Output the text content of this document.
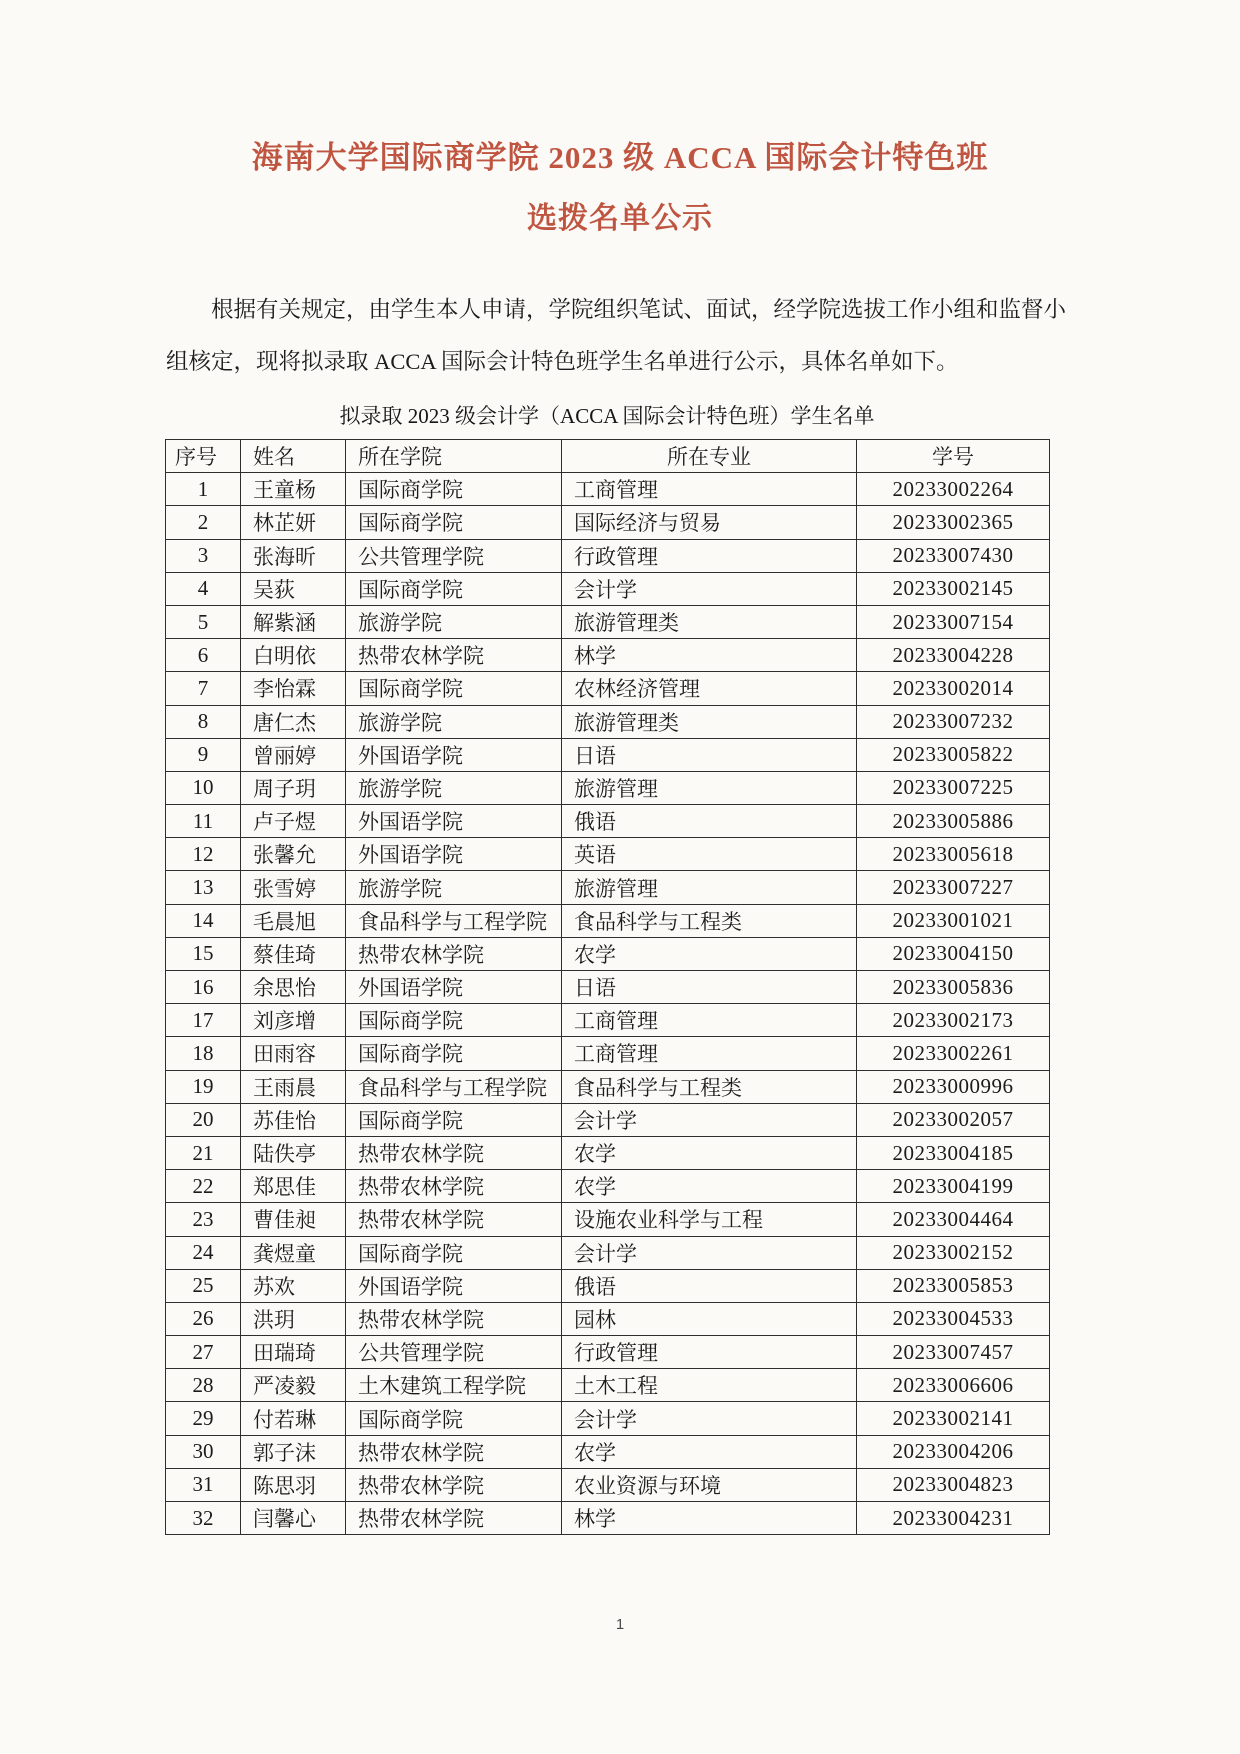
海南大学国际商学院 2023 级 ACCA 国际会计特色班
选拨名单公示

根据有关规定，由学生本人申请，学院组织笔试、面试，经学院选拔工作小组和监督小组核定，现将拟录取 ACCA 国际会计特色班学生名单进行公示，具体名单如下。

拟录取 2023 级会计学（ACCA 国际会计特色班）学生名单
序号	姓名	所在学院	所在专业	学号
1	王童杨	国际商学院	工商管理	20233002264
2	林芷妍	国际商学院	国际经济与贸易	20233002365
3	张海昕	公共管理学院	行政管理	20233007430
4	吴荻	国际商学院	会计学	20233002145
5	解紫涵	旅游学院	旅游管理类	20233007154
6	白明依	热带农林学院	林学	20233004228
7	李怡霖	国际商学院	农林经济管理	20233002014
8	唐仁杰	旅游学院	旅游管理类	20233007232
9	曾丽婷	外国语学院	日语	20233005822
10	周子玥	旅游学院	旅游管理	20233007225
11	卢子煜	外国语学院	俄语	20233005886
12	张馨允	外国语学院	英语	20233005618
13	张雪婷	旅游学院	旅游管理	20233007227
14	毛晨旭	食品科学与工程学院	食品科学与工程类	20233001021
15	蔡佳琦	热带农林学院	农学	20233004150
16	余思怡	外国语学院	日语	20233005836
17	刘彦增	国际商学院	工商管理	20233002173
18	田雨容	国际商学院	工商管理	20233002261
19	王雨晨	食品科学与工程学院	食品科学与工程类	20233000996
20	苏佳怡	国际商学院	会计学	20233002057
21	陆佚亭	热带农林学院	农学	20233004185
22	郑思佳	热带农林学院	农学	20233004199
23	曹佳昶	热带农林学院	设施农业科学与工程	20233004464
24	龚煜童	国际商学院	会计学	20233002152
25	苏欢	外国语学院	俄语	20233005853
26	洪玥	热带农林学院	园林	20233004533
27	田瑞琦	公共管理学院	行政管理	20233007457
28	严凌毅	土木建筑工程学院	土木工程	20233006606
29	付若琳	国际商学院	会计学	20233002141
30	郭子沫	热带农林学院	农学	20233004206
31	陈思羽	热带农林学院	农业资源与环境	20233004823
32	闫馨心	热带农林学院	林学	20233004231
1
